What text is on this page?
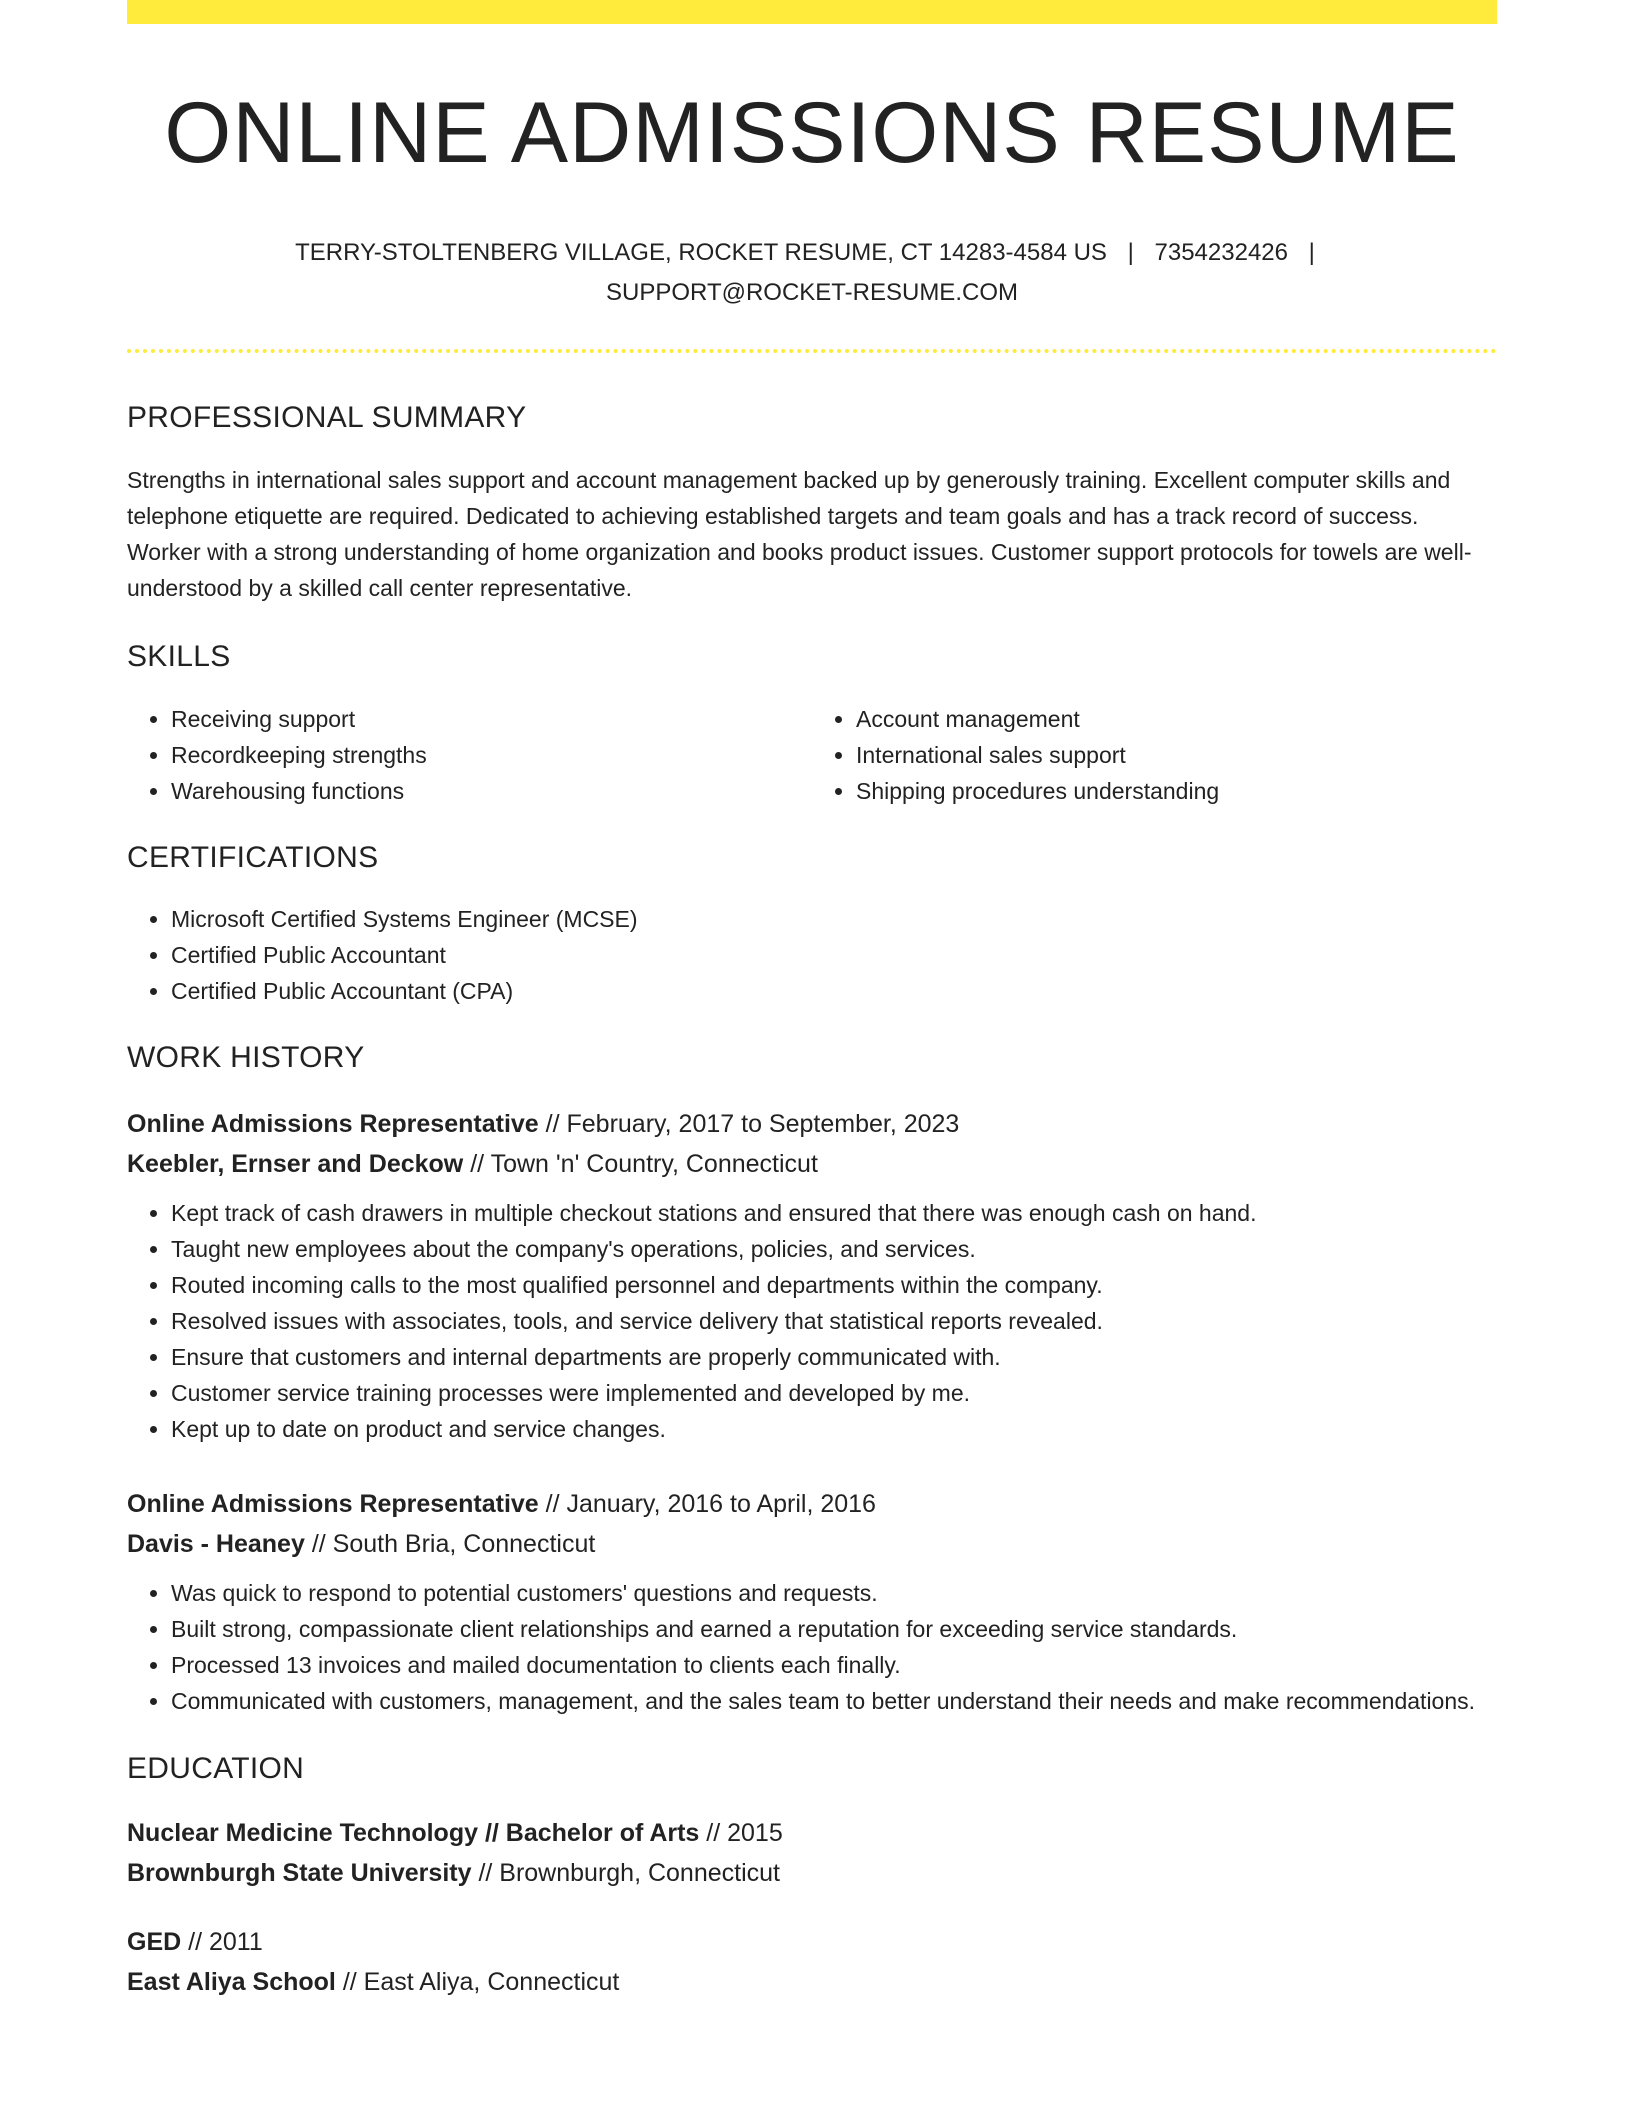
ONLINE ADMISSIONS RESUME
TERRY-STOLTENBERG VILLAGE, ROCKET RESUME, CT 14283-4584 US | 7354232426 |
SUPPORT@ROCKET-RESUME.COM
PROFESSIONAL SUMMARY
Strengths in international sales support and account management backed up by generously training. Excellent computer skills and telephone etiquette are required. Dedicated to achieving established targets and team goals and has a track record of success. Worker with a strong understanding of home organization and books product issues. Customer support protocols for towels are well-understood by a skilled call center representative.
SKILLS
• Receiving support
• Recordkeeping strengths
• Warehousing functions
• Account management
• International sales support
• Shipping procedures understanding
CERTIFICATIONS
• Microsoft Certified Systems Engineer (MCSE)
• Certified Public Accountant
• Certified Public Accountant (CPA)
WORK HISTORY
Online Admissions Representative // February, 2017 to September, 2023
Keebler, Ernser and Deckow // Town 'n' Country, Connecticut
• Kept track of cash drawers in multiple checkout stations and ensured that there was enough cash on hand.
• Taught new employees about the company's operations, policies, and services.
• Routed incoming calls to the most qualified personnel and departments within the company.
• Resolved issues with associates, tools, and service delivery that statistical reports revealed.
• Ensure that customers and internal departments are properly communicated with.
• Customer service training processes were implemented and developed by me.
• Kept up to date on product and service changes.
Online Admissions Representative // January, 2016 to April, 2016
Davis - Heaney // South Bria, Connecticut
• Was quick to respond to potential customers' questions and requests.
• Built strong, compassionate client relationships and earned a reputation for exceeding service standards.
• Processed 13 invoices and mailed documentation to clients each finally.
• Communicated with customers, management, and the sales team to better understand their needs and make recommendations.
EDUCATION
Nuclear Medicine Technology // Bachelor of Arts // 2015
Brownburgh State University // Brownburgh, Connecticut
GED // 2011
East Aliya School // East Aliya, Connecticut
